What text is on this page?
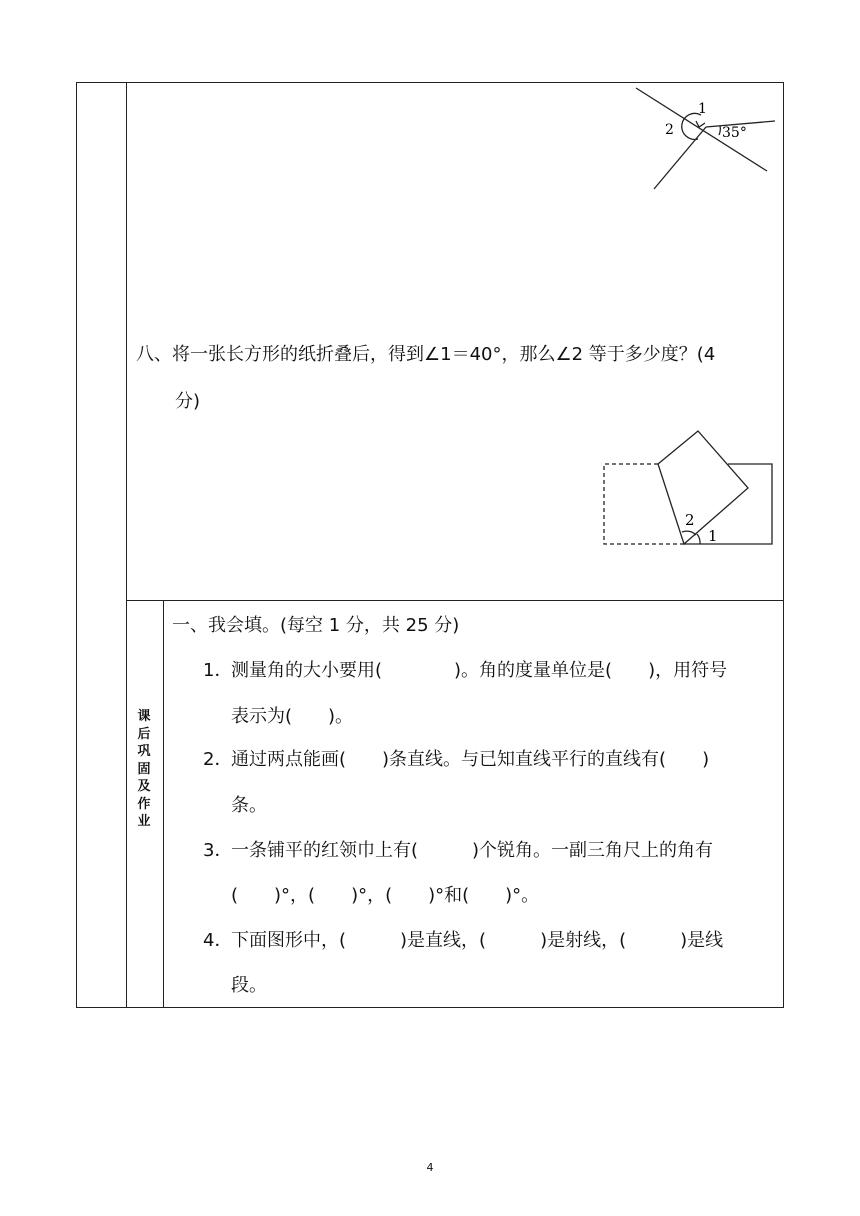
1
2	35°
八、将一张长方形的纸折叠后，得到∠1＝40°，那么∠2 等于多少度？(4
分)
1
2
课
后
巩
固
及
作
业
一、我会填。(每空 1 分，共 25 分)
1．
测量角的大小要用(　　　　)。角的度量单位是(　　)，用符号
表示为(　　)。
2．
通过两点能画(　　)条直线。与已知直线平行的直线有(　　)
条。
3．
一条铺平的红领巾上有(　　　)个锐角。一副三角尺上的角有
(　　)°，(　　)°，(　　)°和(　　)°。
4．
下面图形中，(　　　)是直线，(　　　)是射线，(　　　)是线
段。
4
